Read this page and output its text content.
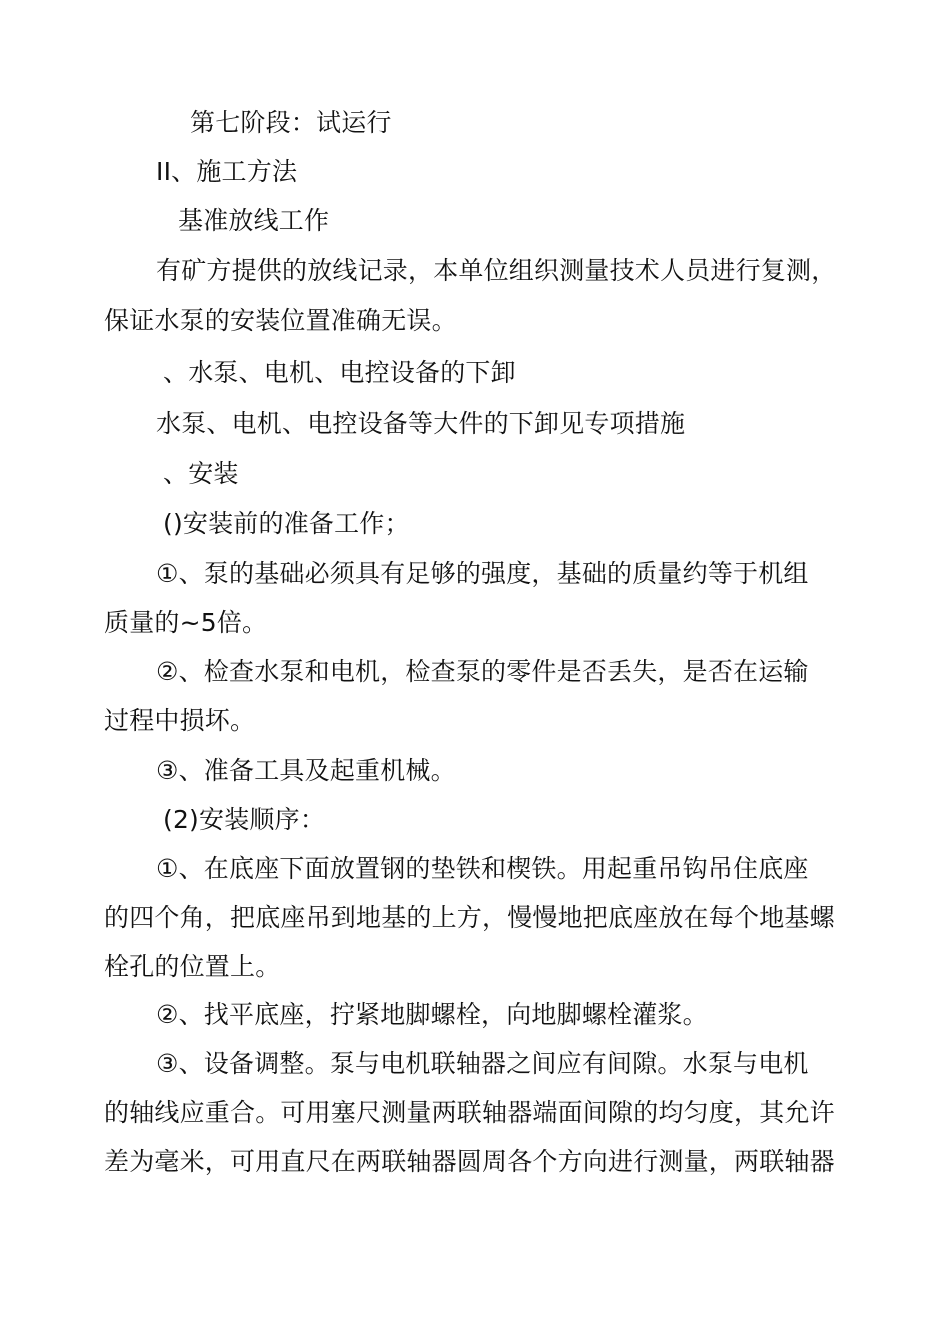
第七阶段：试运行
II、施工方法
基准放线工作
有矿方提供的放线记录，本单位组织测量技术人员进行复测，
保证水泵的安装位置准确无误。
、水泵、电机、电控设备的下卸
水泵、电机、电控设备等大件的下卸见专项措施
、安装
()安装前的准备工作；
①、泵的基础必须具有足够的强度，基础的质量约等于机组
质量的~5倍。
②、检查水泵和电机，检查泵的零件是否丢失，是否在运输
过程中损坏。
③、准备工具及起重机械。
(2)安装顺序：
①、在底座下面放置钢的垫铁和楔铁。用起重吊钩吊住底座
的四个角，把底座吊到地基的上方，慢慢地把底座放在每个地基螺
栓孔的位置上。
②、找平底座，拧紧地脚螺栓，向地脚螺栓灌浆。
③、设备调整。泵与电机联轴器之间应有间隙。水泵与电机
的轴线应重合。可用塞尺测量两联轴器端面间隙的均匀度，其允许
差为毫米，可用直尺在两联轴器圆周各个方向进行测量，两联轴器
